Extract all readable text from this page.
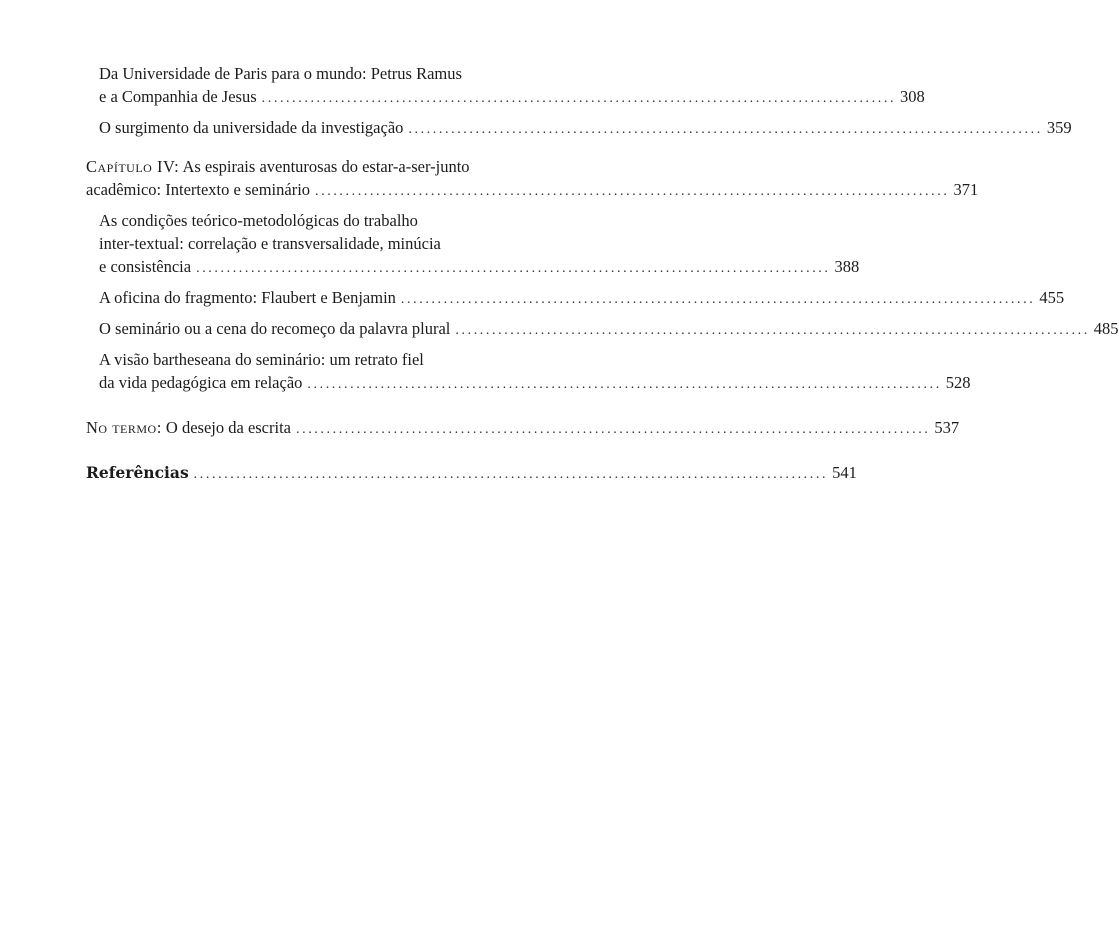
Da Universidade de Paris para o mundo: Petrus Ramus
e a Companhia de Jesus ........................................................................................................ 308
O surgimento da universidade da investigação ........................................................................................................ 359
Capítulo IV: As espirais aventurosas do estar-a-ser-junto
acadêmico: Intertexto e seminário ........................................................................................................ 371
As condições teórico-metodológicas do trabalho
inter-textual: correlação e transversalidade, minúcia
e consistência ........................................................................................................ 388
A oficina do fragmento: Flaubert e Benjamin ........................................................................................................ 455
O seminário ou a cena do recomeço da palavra plural ........................................................................................................ 485
A visão bartheseana do seminário: um retrato fiel
da vida pedagógica em relação ........................................................................................................ 528
No termo: O desejo da escrita ........................................................................................................ 537
Referências ........................................................................................................ 541
